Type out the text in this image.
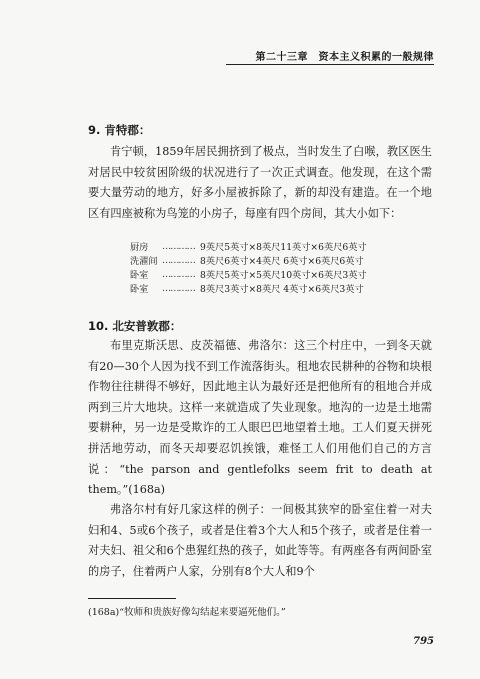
第二十三章　资本主义积累的一般规律
9. 肯特郡：

肯宁顿，1859年居民拥挤到了极点，当时发生了白喉，教区医生对居民中较贫困阶级的状况进行了一次正式调查。他发现，在这个需要大量劳动的地方，好多小屋被拆除了，新的却没有建造。在一个地区有四座被称为鸟笼的小房子，每座有四个房间，其大小如下：

厨房	…………	9英尺5英寸×8英尺11英寸×6英尺6英寸
洗濯间	…………	8英尺6英寸×4英尺 6英寸×6英尺6英寸
卧室	…………	8英尺5英寸×5英尺10英寸×6英尺3英寸
卧室	…………	8英尺3英寸×8英尺 4英寸×6英尺3英寸
10. 北安普敦郡：

布里克斯沃思、皮茨福德、弗洛尔：这三个村庄中，一到冬天就有20—30个人因为找不到工作流落街头。租地农民耕种的谷物和块根作物往往耕得不够好，因此地主认为最好还是把他所有的租地合并成两到三片大地块。这样一来就造成了失业现象。地沟的一边是土地需要耕种，另一边是受欺诈的工人眼巴巴地望着土地。工人们夏天拼死拼活地劳动，而冬天却要忍饥挨饿，难怪工人们用他们自己的方言说：“the parson and gentlefolks seem frit to death at them。”(168a)

弗洛尔村有好几家这样的例子：一间极其狭窄的卧室住着一对夫妇和4、5或6个孩子，或者是住着3个大人和5个孩子，或者是住着一对夫妇、祖父和6个患猩红热的孩子，如此等等。有两座各有两间卧室的房子，住着两户人家，分别有8个大人和9个

(168a)“牧师和贵族好像勾结起来要逼死他们。”
795
